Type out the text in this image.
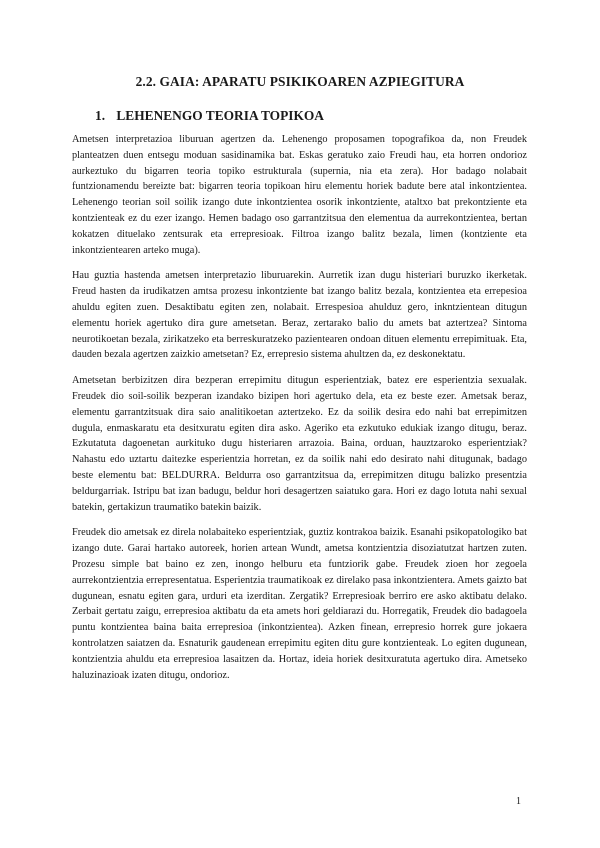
2.2. GAIA: APARATU PSIKIKOAREN AZPIEGITURA
1. LEHENENGO TEORIA TOPIKOA

Ametsen interpretazioa liburuan agertzen da. Lehenengo proposamen topografikoa da, non Freudek planteatzen duen entsegu moduan sasidinamika bat. Eskas geratuko zaio Freudi hau, eta horren ondorioz aurkeztuko du bigarren teoria topiko estrukturala (superniа, nia eta zera). Hor badago nolabait funtzionamendu bereizte bat: bigarren teoria topikoan hiru elementu horiek badute bere atal inkontzientea. Lehenengo teorian soil soilik izango dute inkontzientea osorik inkontziente, ataltxo bat prekontziente eta kontzienteak ez du ezer izango. Hemen badago oso garrantzitsua den elementua da aurrekontzientea, bertan kokatzen dituelako zentsurak eta errepresioak. Filtroa izango balitz bezala, limen (kontziente eta inkontzientearen arteko muga).

Hau guztia hastenda ametsen interpretazio liburuarekin. Aurretik izan dugu histeriari buruzko ikerketak. Freud hasten da irudikatzen amtsa prozesu inkontziente bat izango balitz bezala, kontzientea eta errepesioa ahuldu egiten zuen. Desaktibatu egiten zen, nolabait. Errespesioa ahulduz gero, inkntzientean ditugun elementu horiek agertuko dira gure ametsetan. Beraz, zertarako balio du amets bat aztertzea? Sintoma neurotikoetan bezala, zirikatzeko eta berreskuratzeko pazientearen ondoan dituen elementu errepimituak. Eta, dauden bezala agertzen zaizkio ametsetan? Ez, errepresio sistema ahultzen da, ez deskonektatu.

Ametsetan berbizitzen dira bezperan errepimitu ditugun esperientziak, batez ere esperientzia sexualak. Freudek dio soil-soilik bezperan izandako bizipen hori agertuko dela, eta ez beste ezer. Ametsak beraz, elementu garrantzitsuak dira saio analitikoetan aztertzeko. Ez da soilik desira edo nahi bat errepimitzen dugula, enmaskaratu eta desitxuratu egiten dira asko. Ageriko eta ezkutuko edukiak izango ditugu, beraz. Ezkutatuta dagoenetan aurkituko dugu histeriaren arrazoia. Baina, orduan, hauztzaroko esperientziak? Nahastu edo uztartu daitezke esperientzia horretan, ez da soilik nahi edo desirato nahi ditugunak, badago beste elementu bat: BELDURRA. Beldurra oso garrantzitsua da, errepimitzen ditugu balizko presentzia beldurgarriak. Istripu bat izan badugu, beldur hori desagertzen saiatuko gara. Hori ez dago lotuta nahi sexual batekin, gertakizun traumatiko batekin baizik.

Freudek dio ametsak ez direla nolabaiteko esperientziak, guztiz kontrakoa baizik. Esanahi psikopatologiko bat izango dute. Garai hartako autoreek, horien artean Wundt, ametsa kontzientzia disoziatutzat hartzen zuten. Prozesu simple bat baino ez zen, inongo helburu eta funtziorik gabe. Freudek zioen hor zegoela aurrekontzientzia errepresentatua. Esperientzia traumatikoak ez direlako pasa inkontzientera. Amets gaizto bat dugunean, esnatu egiten gara, urduri eta izerditan. Zergatik? Errepresioak berriro ere asko aktibatu delako. Zerbait gertatu zaigu, errepresioa aktibatu da eta amets hori geldiarazi du. Horregatik, Freudek dio badagoela puntu kontzientea baina baita errepresioa (inkontzientea). Azken finean, errepresio horrek gure jokaera kontrolatzen saiatzen da. Esnaturik gaudenean errepimitu egiten ditu gure kontzienteak. Lo egiten dugunean, kontzientzia ahuldu eta errepresioa lasaitzen da. Hortaz, ideia horiek desitxuratuta agertuko dira. Ametseko haluzinazioak izaten ditugu, ondorioz.

1
